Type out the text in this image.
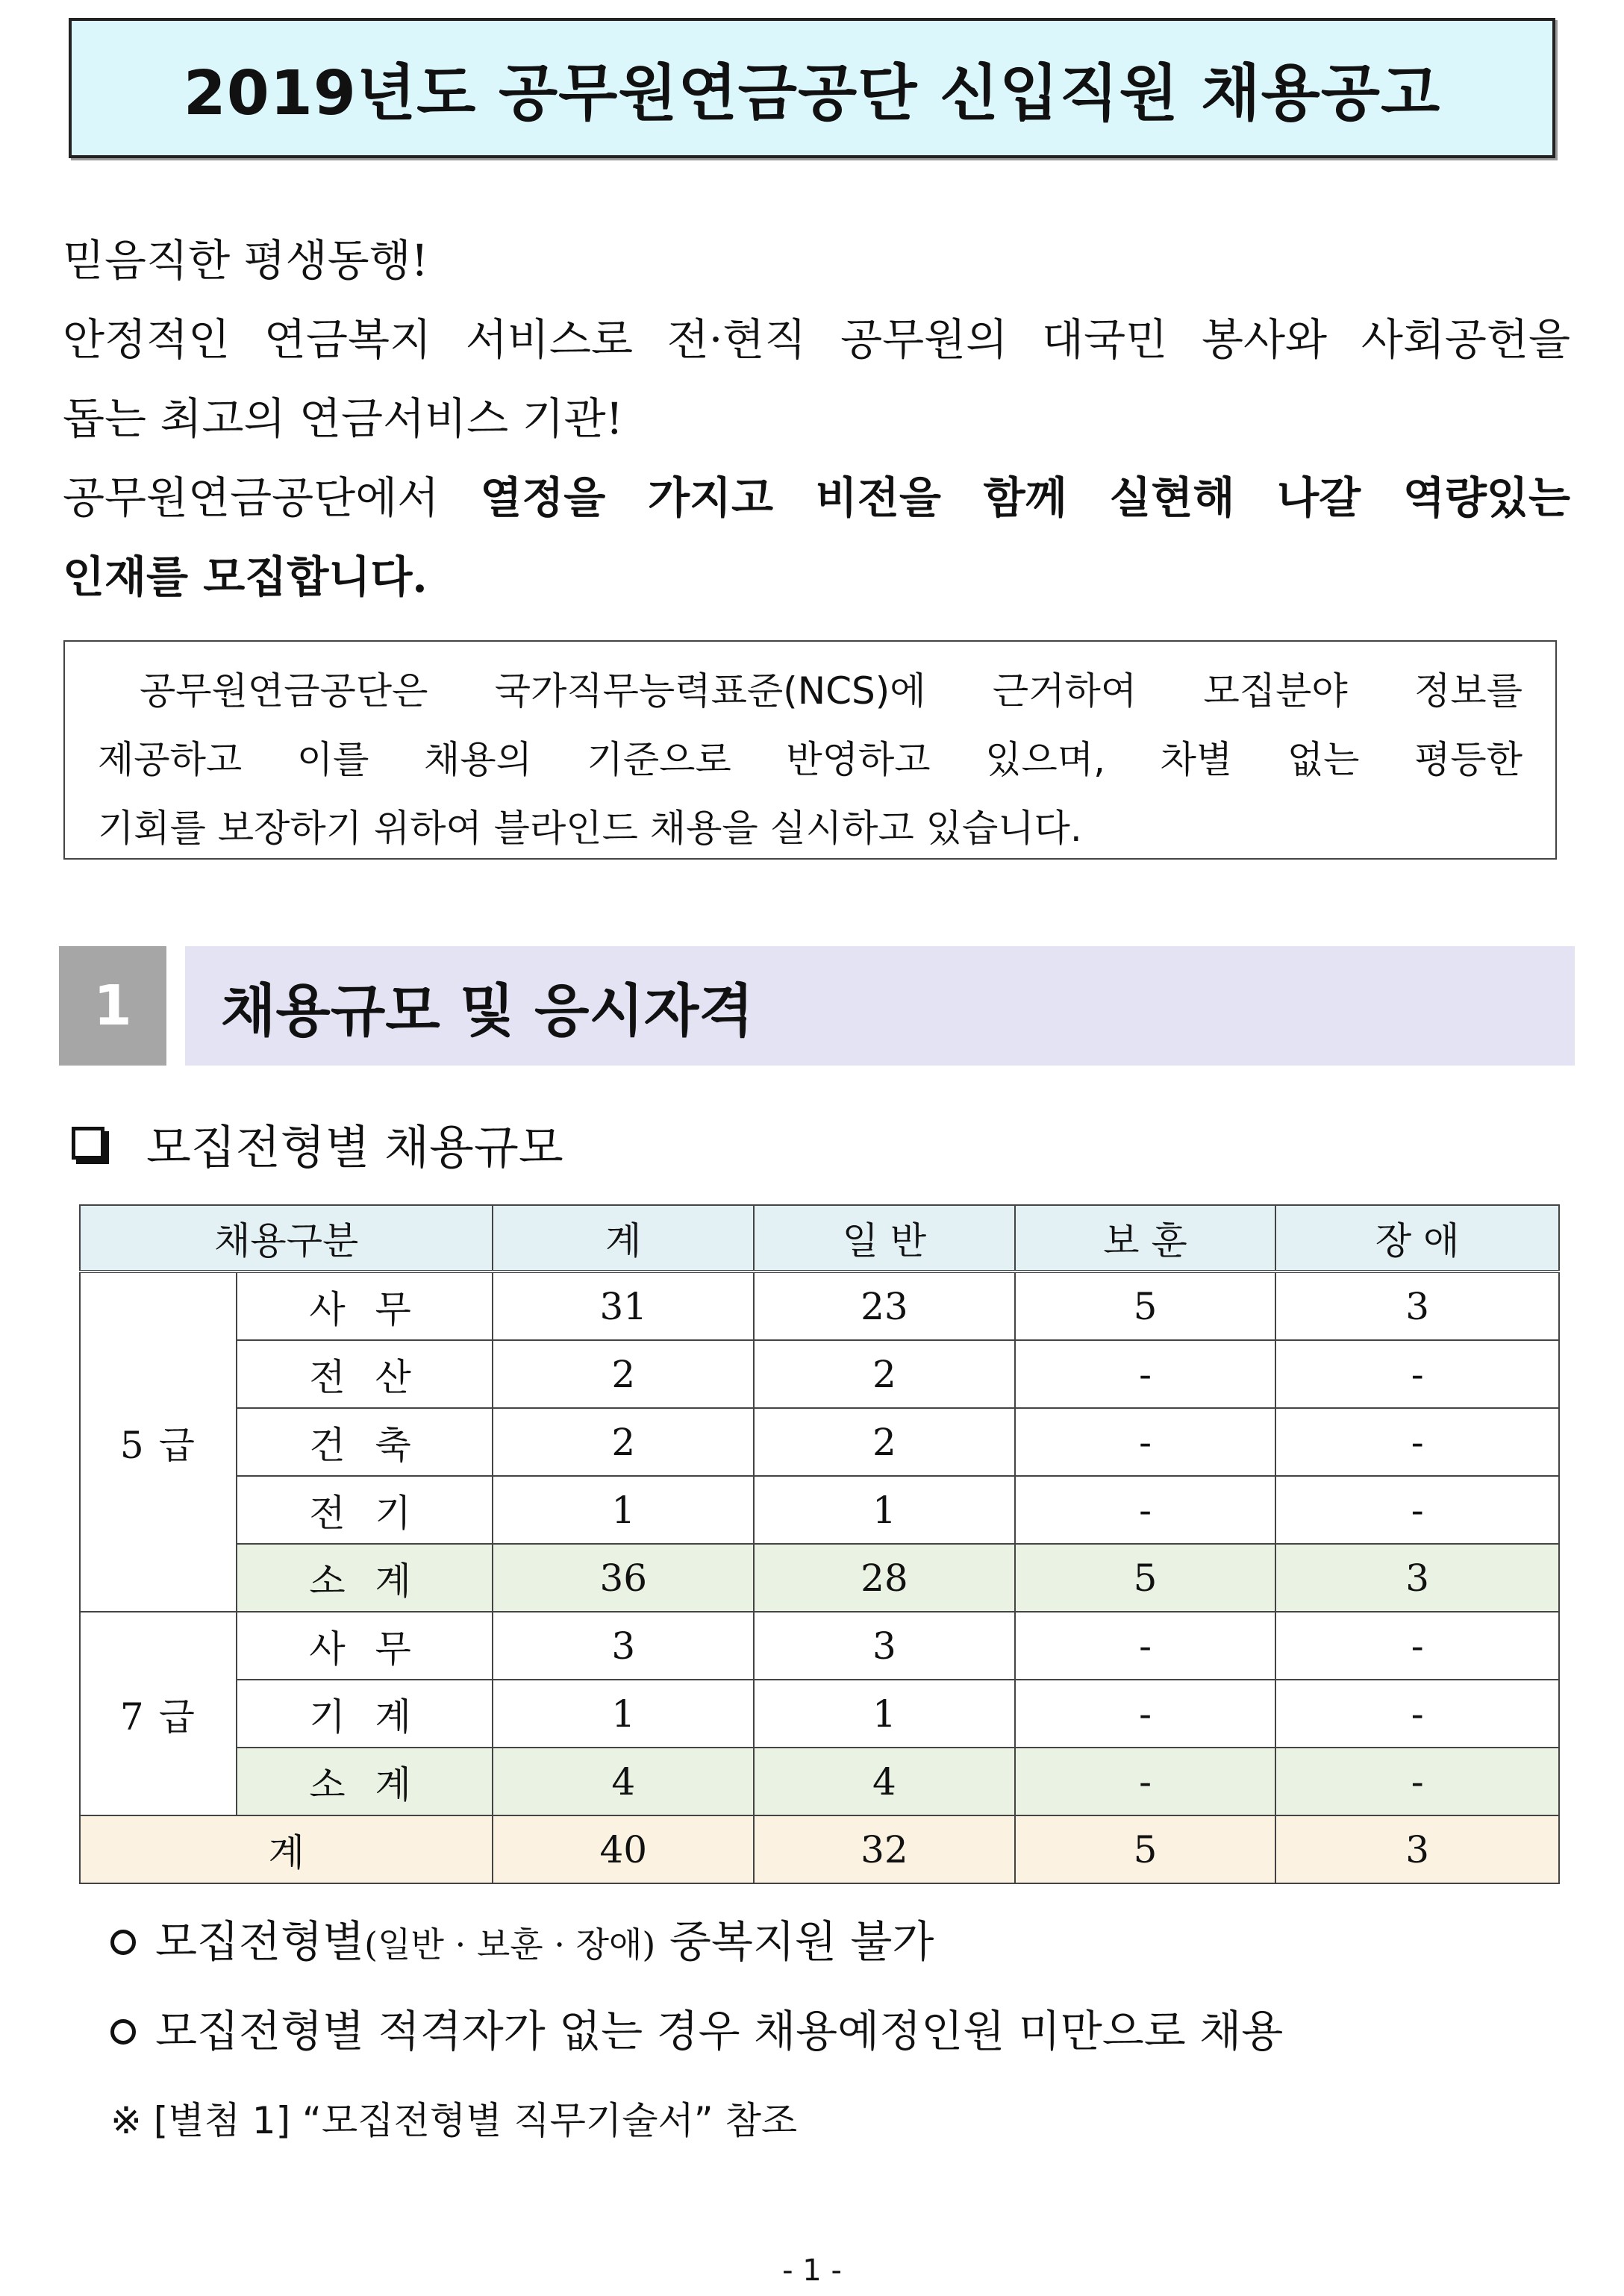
2019년도 공무원연금공단 신입직원 채용공고
믿음직한 평생동행!
안정적인 연금복지 서비스로 전·현직 공무원의 대국민 봉사와 사회공헌을
돕는 최고의 연금서비스 기관!
공무원연금공단에서 열정을 가지고 비전을 함께 실현해 나갈 역량있는
인재를 모집합니다.
공무원연금공단은 국가직무능력표준(NCS)에 근거하여 모집분야 정보를
제공하고 이를 채용의 기준으로 반영하고 있으며, 차별 없는 평등한
기회를 보장하기 위하여 블라인드 채용을 실시하고 있습니다.
1 채용규모 및 응시자격
모집전형별 채용규모
채용구분		계	일 반	보 훈	장 애
5 급	사 무	31	23	5	3
	전 산	2	2	-	-
	건 축	2	2	-	-
	전 기	1	1	-	-
	소 계	36	28	5	3
7 급	사 무	3	3	-	-
	기 계	1	1	-	-
	소 계	4	4	-	-
계		40	32	5	3
모집전형별(일반 · 보훈 · 장애) 중복지원 불가
모집전형별 적격자가 없는 경우 채용예정인원 미만으로 채용
※ [별첨 1] “모집전형별 직무기술서” 참조
- 1 -
